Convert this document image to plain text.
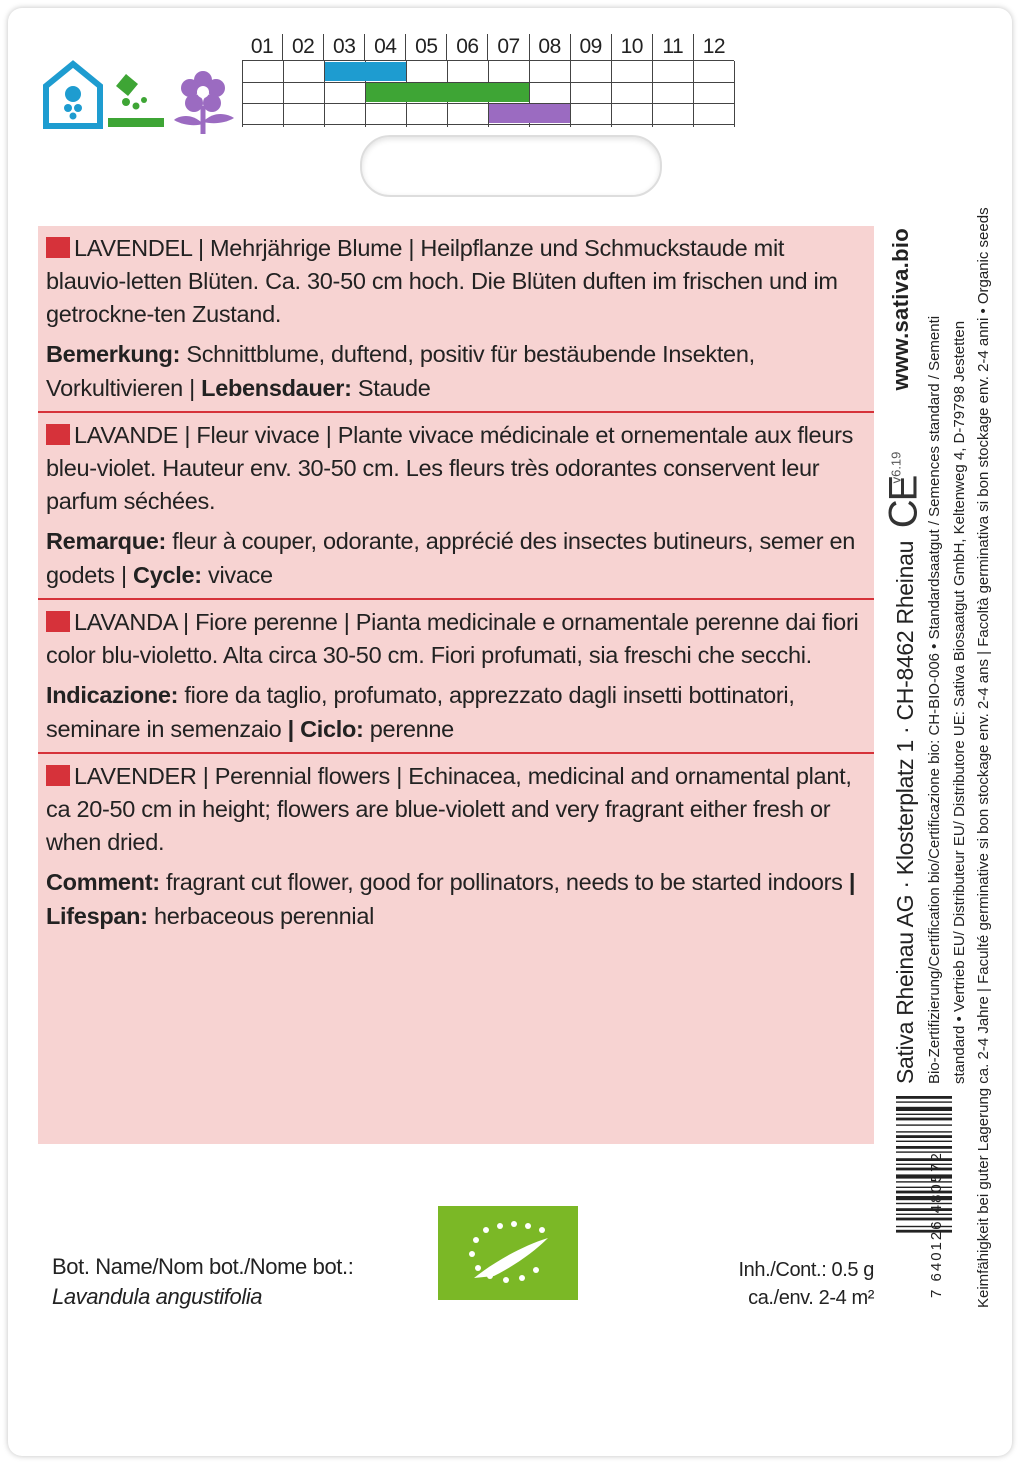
01 02 03 04 05 06 07 08 09 10 11 12

LAVENDEL | Mehrjährige Blume | Heilpflanze und Schmuckstaude mit blauvio-letten Blüten. Ca. 30-50 cm hoch. Die Blüten duften im frischen und im getrockne-ten Zustand.

Bemerkung: Schnittblume, duftend, positiv für bestäubende Insekten, Vorkultivieren | Lebensdauer: Staude

LAVANDE | Fleur vivace | Plante vivace médicinale et ornementale aux fleurs bleu-violet. Hauteur env. 30-50 cm. Les fleurs très odorantes conservent leur parfum séchées.

Remarque: fleur à couper, odorante, apprécié des insectes butineurs, semer en godets | Cycle: vivace

LAVANDA | Fiore perenne | Pianta medicinale e ornamentale perenne dai fiori color blu-violetto. Alta circa 30-50 cm. Fiori profumati, sia freschi che secchi.

Indicazione: fiore da taglio, profumato, apprezzato dagli insetti bottinatori, seminare in semenzaio | Ciclo: perenne

LAVENDER | Perennial flowers | Echinacea, medicinal and ornamental plant, ca 20-50 cm in height; flowers are blue-violett and very fragrant either fresh or when dried.

Comment: fragrant cut flower, good for pollinators, needs to be started indoors | Lifespan: herbaceous perennial

www.sativa.bio
Sativa Rheinau AG · Klosterplatz 1 · CH-8462 Rheinau Bio-Zertifizierung/Certification bio/Certificazione bio: CH-BIO-006 • Standardsaatgut / Semences standard / Sementi standard • Vertrieb EU/ Distributeur EU/ Distributore UE: Sativa Biosaatgut GmbH, Keltenweg 4, D-79798 Jestetten Keimfähigkeit bei guter Lagerung ca. 2-4 Jahre | Faculté germinative si bon stockage env. 2-4 ans | Facoltà germinativa si bon stockage env. 2-4 anni • Organic seeds
v6.19
CE
7 640126 480572
Bot. Name/Nom bot./Nome bot.:
Lavandula angustifolia
Inh./Cont.: 0.5 g
ca./env. 2-4 m²
